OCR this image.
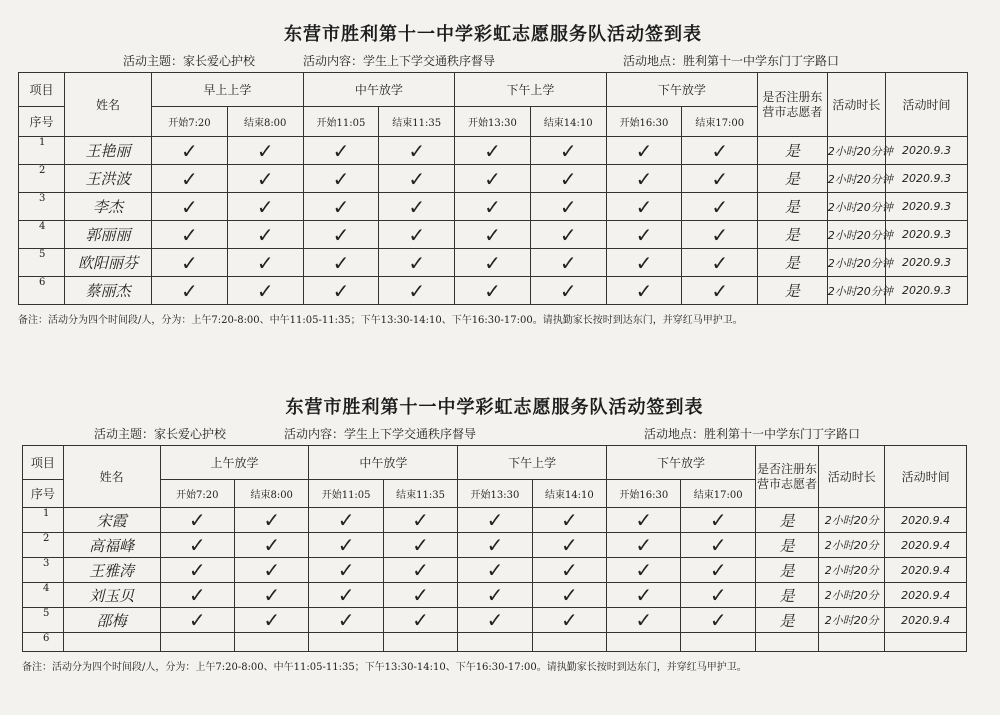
东营市胜利第十一中学彩虹志愿服务队活动签到表
活动主题：家长爱心护校	活动内容：学生上下学交通秩序督导	活动地点：胜利第十一中学东门丁字路口
项目	姓名	早上上学		中午放学		下午上学		下午放学		是否注册东营市志愿者	活动时长	活动时间
序号		开始7:20	结束8:00	开始11:05	结束11:35	开始13:30	结束14:10	开始16:30	结束17:00			
1	王艳丽	✓	✓	✓	✓	✓	✓	✓	✓	是	2小时20分钟	2020.9.3
2	王洪波	✓	✓	✓	✓	✓	✓	✓	✓	是	2小时20分钟	2020.9.3
3	李杰	✓	✓	✓	✓	✓	✓	✓	✓	是	2小时20分钟	2020.9.3
4	郭丽丽	✓	✓	✓	✓	✓	✓	✓	✓	是	2小时20分钟	2020.9.3
5	欧阳丽芬	✓	✓	✓	✓	✓	✓	✓	✓	是	2小时20分钟	2020.9.3
6	蔡丽杰	✓	✓	✓	✓	✓	✓	✓	✓	是	2小时20分钟	2020.9.3
备注：活动分为四个时间段/人，分为：上午7:20-8:00、中午11:05-11:35；下午13:30-14:10、下午16:30-17:00。请执勤家长按时到达东门，并穿红马甲护卫。
东营市胜利第十一中学彩虹志愿服务队活动签到表
活动主题：家长爱心护校	活动内容：学生上下学交通秩序督导	活动地点：胜利第十一中学东门丁字路口
项目	姓名	上午放学		中午放学		下午上学		下午放学		是否注册东营市志愿者	活动时长	活动时间
序号		开始7:20	结束8:00	开始11:05	结束11:35	开始13:30	结束14:10	开始16:30	结束17:00			
1	宋霞	✓	✓	✓	✓	✓	✓	✓	✓	是	2小时20分	2020.9.4
2	高福峰	✓	✓	✓	✓	✓	✓	✓	✓	是	2小时20分	2020.9.4
3	王雅涛	✓	✓	✓	✓	✓	✓	✓	✓	是	2小时20分	2020.9.4
4	刘玉贝	✓	✓	✓	✓	✓	✓	✓	✓	是	2小时20分	2020.9.4
5	邵梅	✓	✓	✓	✓	✓	✓	✓	✓	是	2小时20分	2020.9.4
6												
备注：活动分为四个时间段/人，分为：上午7:20-8:00、中午11:05-11:35；下午13:30-14:10、下午16:30-17:00。请执勤家长按时到达东门，并穿红马甲护卫。
